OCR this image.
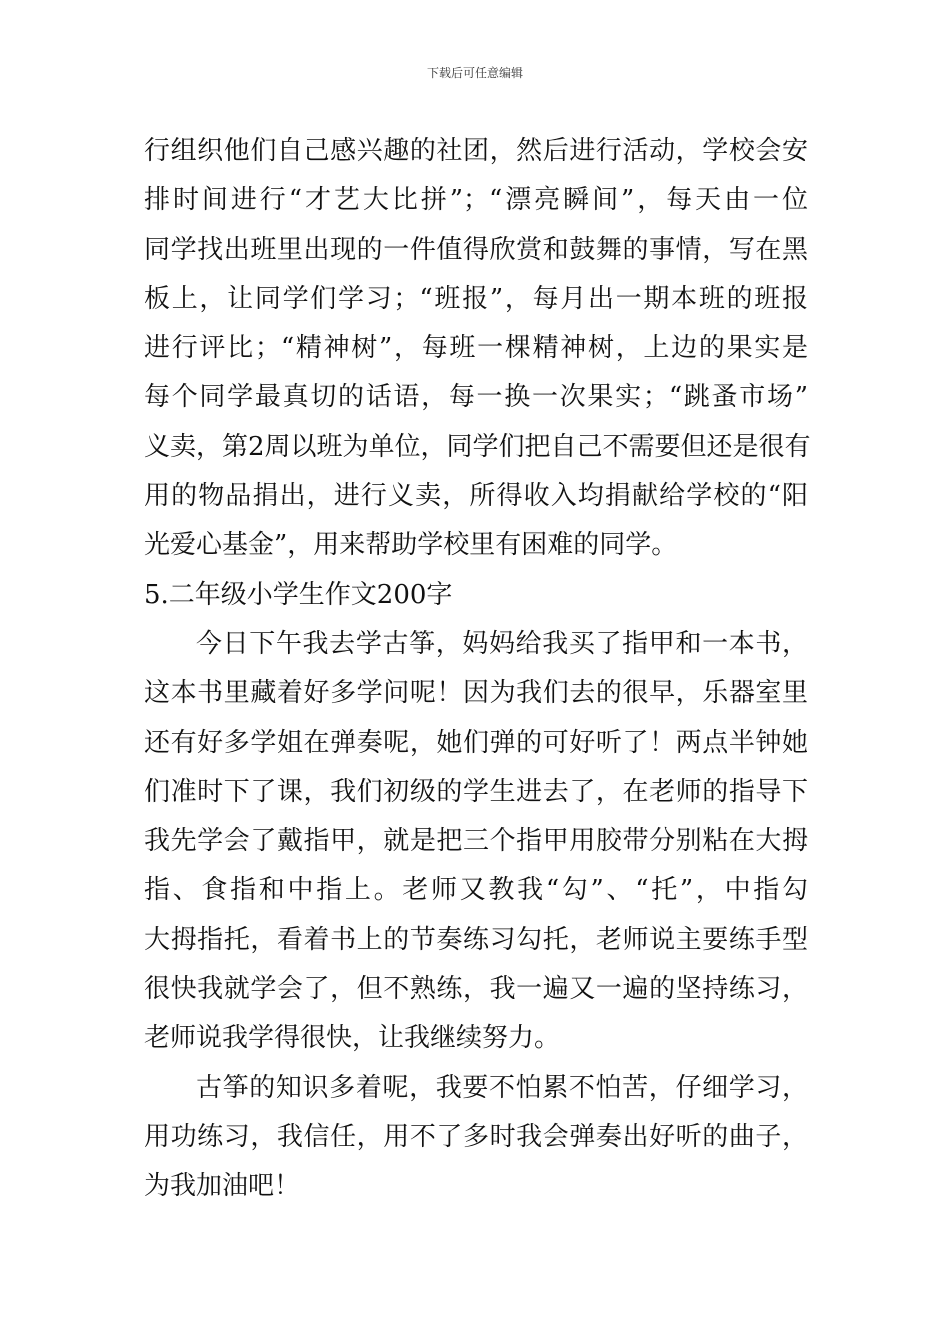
下载后可任意编辑
行组织他们自己感兴趣的社团，然后进行活动，学校会安
排时间进行“才艺大比拼”；“漂亮瞬间”，每天由一位
同学找出班里出现的一件值得欣赏和鼓舞的事情，写在黑
板上，让同学们学习；“班报”，每月出一期本班的班报
进行评比；“精神树”，每班一棵精神树，上边的果实是
每个同学最真切的话语，每一换一次果实；“跳蚤市场”
义卖，第2周以班为单位，同学们把自己不需要但还是很有
用的物品捐出，进行义卖，所得收入均捐献给学校的“阳
光爱心基金”，用来帮助学校里有困难的同学。
5.二年级小学生作文200字
今日下午我去学古筝，妈妈给我买了指甲和一本书，
这本书里藏着好多学问呢！因为我们去的很早，乐器室里
还有好多学姐在弹奏呢，她们弹的可好听了！两点半钟她
们准时下了课，我们初级的学生进去了，在老师的指导下
我先学会了戴指甲，就是把三个指甲用胶带分别粘在大拇
指、食指和中指上。老师又教我“勾”、“托”，中指勾
大拇指托，看着书上的节奏练习勾托，老师说主要练手型
很快我就学会了，但不熟练，我一遍又一遍的坚持练习，
老师说我学得很快，让我继续努力。
古筝的知识多着呢，我要不怕累不怕苦，仔细学习，
用功练习，我信任，用不了多时我会弹奏出好听的曲子，
为我加油吧！
